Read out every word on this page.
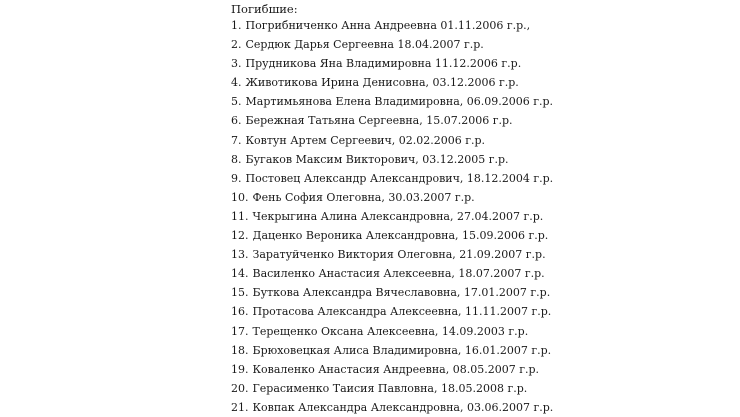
Погибшие:
1. Погрибниченко Анна Андреевна 01.11.2006 г.р.,
2. Сердюк Дарья Сергеевна 18.04.2007 г.р.
3. Прудникова Яна Владимировна 11.12.2006 г.р.
4. Животикова Ирина Денисовна, 03.12.2006 г.р.
5. Мартимьянова Елена Владимировна, 06.09.2006 г.р.
6. Бережная Татьяна Сергеевна, 15.07.2006 г.р.
7. Ковтун Артем Сергеевич, 02.02.2006 г.р.
8. Бугаков Максим Викторович, 03.12.2005 г.р.
9. Постовец Александр Александрович, 18.12.2004 г.р.
10. Фень София Олеговна, 30.03.2007 г.р.
11. Чекрыгина Алина Александровна, 27.04.2007 г.р.
12. Даценко Вероника Александровна, 15.09.2006 г.р.
13. Заратуйченко Виктория Олеговна, 21.09.2007 г.р.
14. Василенко Анастасия Алексеевна, 18.07.2007 г.р.
15. Буткова Александра Вячеславовна, 17.01.2007 г.р.
16. Протасова Александра Алексеевна, 11.11.2007 г.р.
17. Терещенко Оксана Алексеевна, 14.09.2003 г.р.
18. Брюховецкая Алиса Владимировна, 16.01.2007 г.р.
19. Коваленко Анастасия Андреевна, 08.05.2007 г.р.
20. Герасименко Таисия Павловна, 18.05.2008 г.р.
21. Ковпак Александра Александровна, 03.06.2007 г.р.
